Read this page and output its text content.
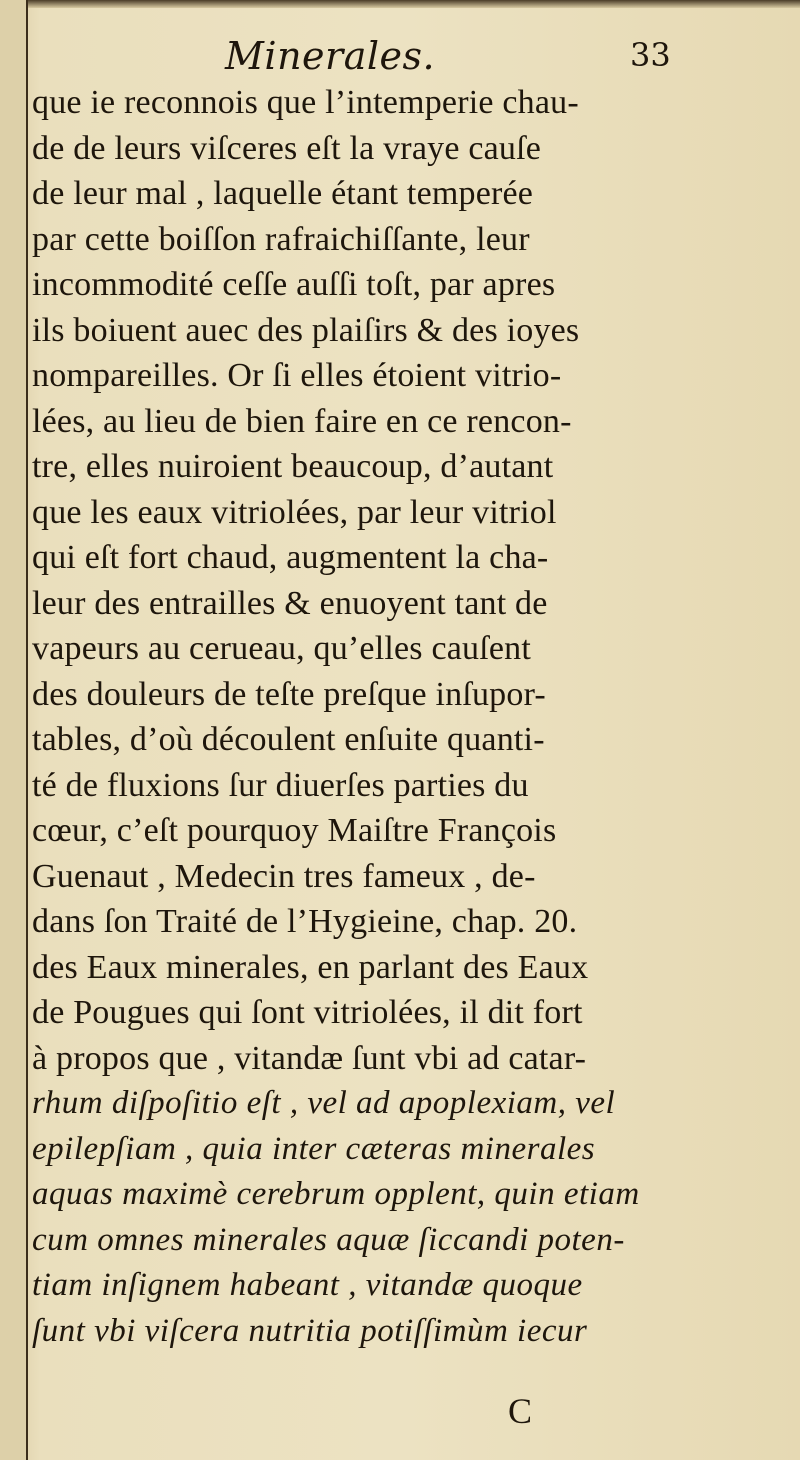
Minerales.	33
que ie reconnois que l’intemperie chau-
de de leurs viſceres eſt la vraye cauſe
de leur mal , laquelle étant temperée
par cette boiſſon rafraichiſſante, leur
incommodité ceſſe auſſi toſt, par apres
ils boiuent auec des plaiſirs & des ioyes
nompareilles. Or ſi elles étoient vitrio-
lées, au lieu de bien faire en ce rencon-
tre, elles nuiroient beaucoup, d’autant
que les eaux vitriolées, par leur vitriol
qui eſt fort chaud, augmentent la cha-
leur des entrailles & enuoyent tant de
vapeurs au cerueau, qu’elles cauſent
des douleurs de teſte preſque inſupor-
tables, d’où découlent enſuite quanti-
té de fluxions ſur diuerſes parties du
cœur, c’eſt pourquoy Maiſtre François
Guenaut , Medecin tres fameux , de-
dans ſon Traité de l’Hygieine, chap. 20.
des Eaux minerales, en parlant des Eaux
de Pougues qui ſont vitriolées, il dit fort
à propos que , vitandæ ſunt vbi ad catar-
rhum diſpoſitio eſt , vel ad apoplexiam, vel
epilepſiam , quia inter cæteras minerales
aquas maximè cerebrum opplent, quin etiam
cum omnes minerales aquæ ſiccandi poten-
tiam inſignem habeant , vitandæ quoque
ſunt vbi viſcera nutritia potiſſimùm iecur
C
